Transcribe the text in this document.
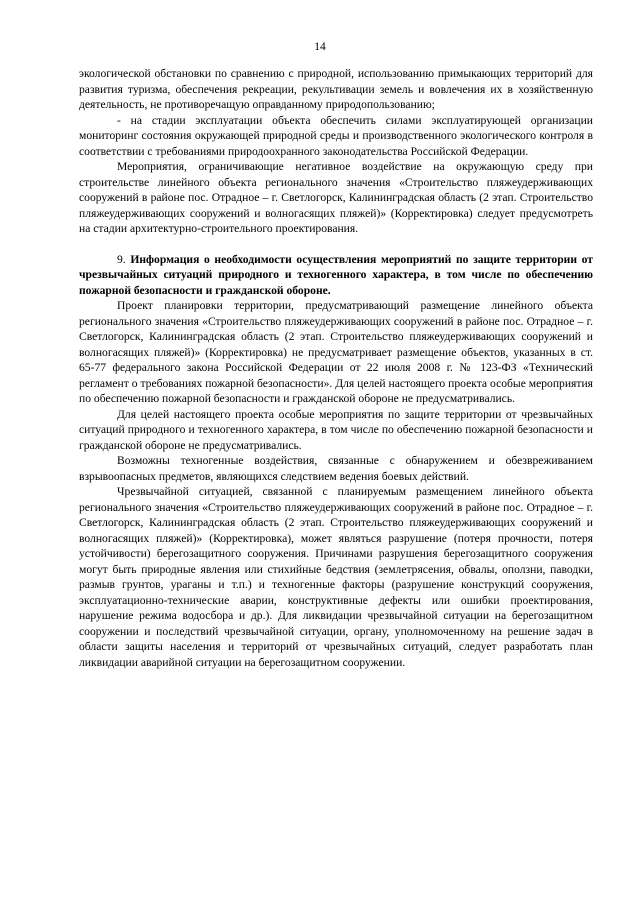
14

экологической обстановки по сравнению с природной, использованию примыкающих территорий для развития туризма, обеспечения рекреации, рекультивации земель и вовлечения их в хозяйственную деятельность, не противоречащую оправданному природопользованию;

- на стадии эксплуатации объекта обеспечить силами эксплуатирующей организации мониторинг состояния окружающей природной среды и производственного экологического контроля в соответствии с требованиями природоохранного законодательства Российской Федерации.

Мероприятия, ограничивающие негативное воздействие на окружающую среду при строительстве линейного объекта регионального значения «Строительство пляжеудерживающих сооружений в районе пос. Отрадное – г. Светлогорск, Калининградская область (2 этап. Строительство пляжеудерживающих сооружений и волногасящих пляжей)» (Корректировка) следует предусмотреть на стадии архитектурно-строительного проектирования.

9. Информация о необходимости осуществления мероприятий по защите территории от чрезвычайных ситуаций природного и техногенного характера, в том числе по обеспечению пожарной безопасности и гражданской обороне.

Проект планировки территории, предусматривающий размещение линейного объекта регионального значения «Строительство пляжеудерживающих сооружений в районе пос. Отрадное – г. Светлогорск, Калининградская область (2 этап. Строительство пляжеудерживающих сооружений и волногасящих пляжей)» (Корректировка) не предусматривает размещение объектов, указанных в ст. 65-77 федерального закона Российской Федерации от 22 июля 2008 г. № 123-ФЗ «Технический регламент о требованиях пожарной безопасности». Для целей настоящего проекта особые мероприятия по обеспечению пожарной безопасности и гражданской обороне не предусматривались.

Для целей настоящего проекта особые мероприятия по защите территории от чрезвычайных ситуаций природного и техногенного характера, в том числе по обеспечению пожарной безопасности и гражданской обороне не предусматривались.

Возможны техногенные воздействия, связанные с обнаружением и обезвреживанием взрывоопасных предметов, являющихся следствием ведения боевых действий.

Чрезвычайной ситуацией, связанной с планируемым размещением линейного объекта регионального значения «Строительство пляжеудерживающих сооружений в районе пос. Отрадное – г. Светлогорск, Калининградская область (2 этап. Строительство пляжеудерживающих сооружений и волногасящих пляжей)» (Корректировка), может являться разрушение (потеря прочности, потеря устойчивости) берегозащитного сооружения. Причинами разрушения берегозащитного сооружения могут быть природные явления или стихийные бедствия (землетрясения, обвалы, оползни, паводки, размыв грунтов, ураганы и т.п.) и техногенные факторы (разрушение конструкций сооружения, эксплуатационно-технические аварии, конструктивные дефекты или ошибки проектирования, нарушение режима водосбора и др.). Для ликвидации чрезвычайной ситуации на берегозащитном сооружении и последствий чрезвычайной ситуации, органу, уполномоченному на решение задач в области защиты населения и территорий от чрезвычайных ситуаций, следует разработать план ликвидации аварийной ситуации на берегозащитном сооружении.
